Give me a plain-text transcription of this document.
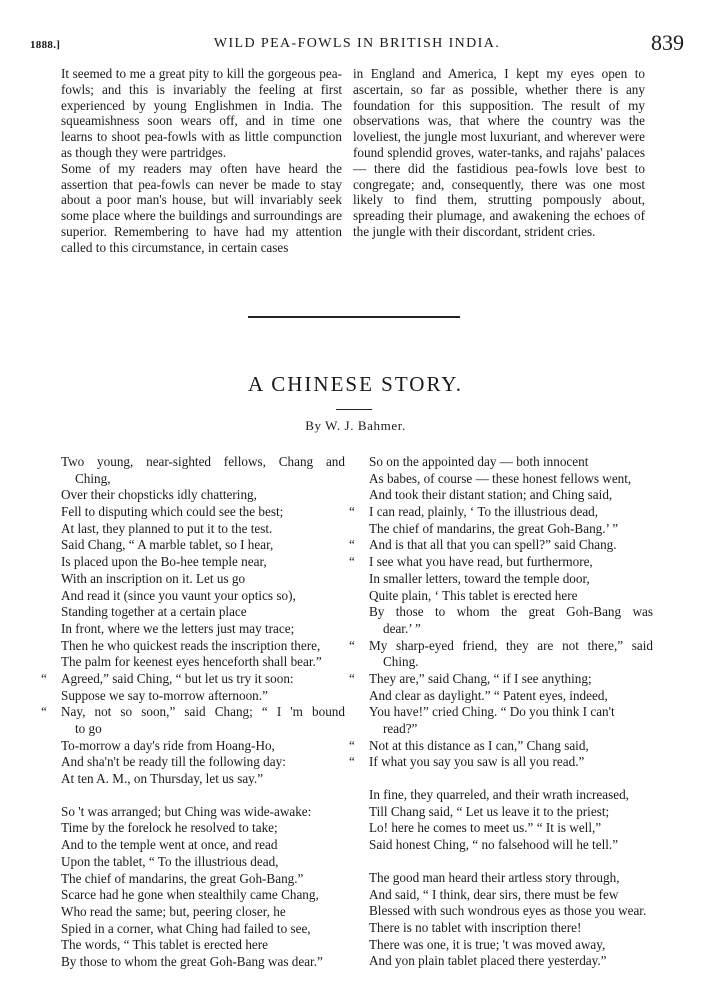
1888.]	WILD PEA-FOWLS IN BRITISH INDIA.	839

It seemed to me a great pity to kill the gorgeous pea-fowls; and this is invariably the feeling at first experienced by young Englishmen in India. The squeamishness soon wears off, and in time one learns to shoot pea-fowls with as little compunction as though they were partridges.

Some of my readers may often have heard the assertion that pea-fowls can never be made to stay about a poor man's house, but will invariably seek some place where the buildings and surroundings are superior. Remembering to have had my attention called to this circumstance, in certain cases

in England and America, I kept my eyes open to ascertain, so far as possible, whether there is any foundation for this supposition. The result of my observations was, that where the country was the loveliest, the jungle most luxuriant, and wherever were found splendid groves, water-tanks, and rajahs' palaces — there did the fastidious pea-fowls love best to congregate; and, consequently, there was one most likely to find them, strutting pompously about, spreading their plumage, and awakening the echoes of the jungle with their discordant, strident cries.

A CHINESE STORY.
By W. J. Bahmer.
Two young, near-sighted fellows, Chang and
Ching,
Over their chopsticks idly chattering,
Fell to disputing which could see the best;
At last, they planned to put it to the test.
Said Chang, “ A marble tablet, so I hear,
Is placed upon the Bo-hee temple near,
With an inscription on it. Let us go
And read it (since you vaunt your optics so),
Standing together at a certain place
In front, where we the letters just may trace;
Then he who quickest reads the inscription there,
The palm for keenest eyes henceforth shall bear.”
“ Agreed,” said Ching, “ but let us try it soon:
Suppose we say to-morrow afternoon.”
“ Nay, not so soon,” said Chang; “ I 'm bound
to go
To-morrow a day's ride from Hoang-Ho,
And sha'n't be ready till the following day:
At ten A. M., on Thursday, let us say.”
So 't was arranged; but Ching was wide-awake:
Time by the forelock he resolved to take;
And to the temple went at once, and read
Upon the tablet, “ To the illustrious dead,
The chief of mandarins, the great Goh-Bang.”
Scarce had he gone when stealthily came Chang,
Who read the same; but, peering closer, he
Spied in a corner, what Ching had failed to see,
The words, “ This tablet is erected here
By those to whom the great Goh-Bang was dear.”
So on the appointed day — both innocent
As babes, of course — these honest fellows went,
And took their distant station; and Ching said,
“ I can read, plainly, ‘ To the illustrious dead,
The chief of mandarins, the great Goh-Bang.’ ”
“ And is that all that you can spell?” said Chang.
“ I see what you have read, but furthermore,
In smaller letters, toward the temple door,
Quite plain, ‘ This tablet is erected here
By those to whom the great Goh-Bang was
dear.’ ”
“ My sharp-eyed friend, they are not there,” said
Ching.
“ They are,” said Chang, “ if I see anything;
And clear as daylight.” “ Patent eyes, indeed,
You have!” cried Ching. “ Do you think I can't
read?”
“ Not at this distance as I can,” Chang said,
“ If what you say you saw is all you read.”
In fine, they quarreled, and their wrath increased,
Till Chang said, “ Let us leave it to the priest;
Lo! here he comes to meet us.” “ It is well,”
Said honest Ching, “ no falsehood will he tell.”
The good man heard their artless story through,
And said, “ I think, dear sirs, there must be few
Blessed with such wondrous eyes as those you wear.
There is no tablet with inscription there!
There was one, it is true; 't was moved away,
And yon plain tablet placed there yesterday.”
